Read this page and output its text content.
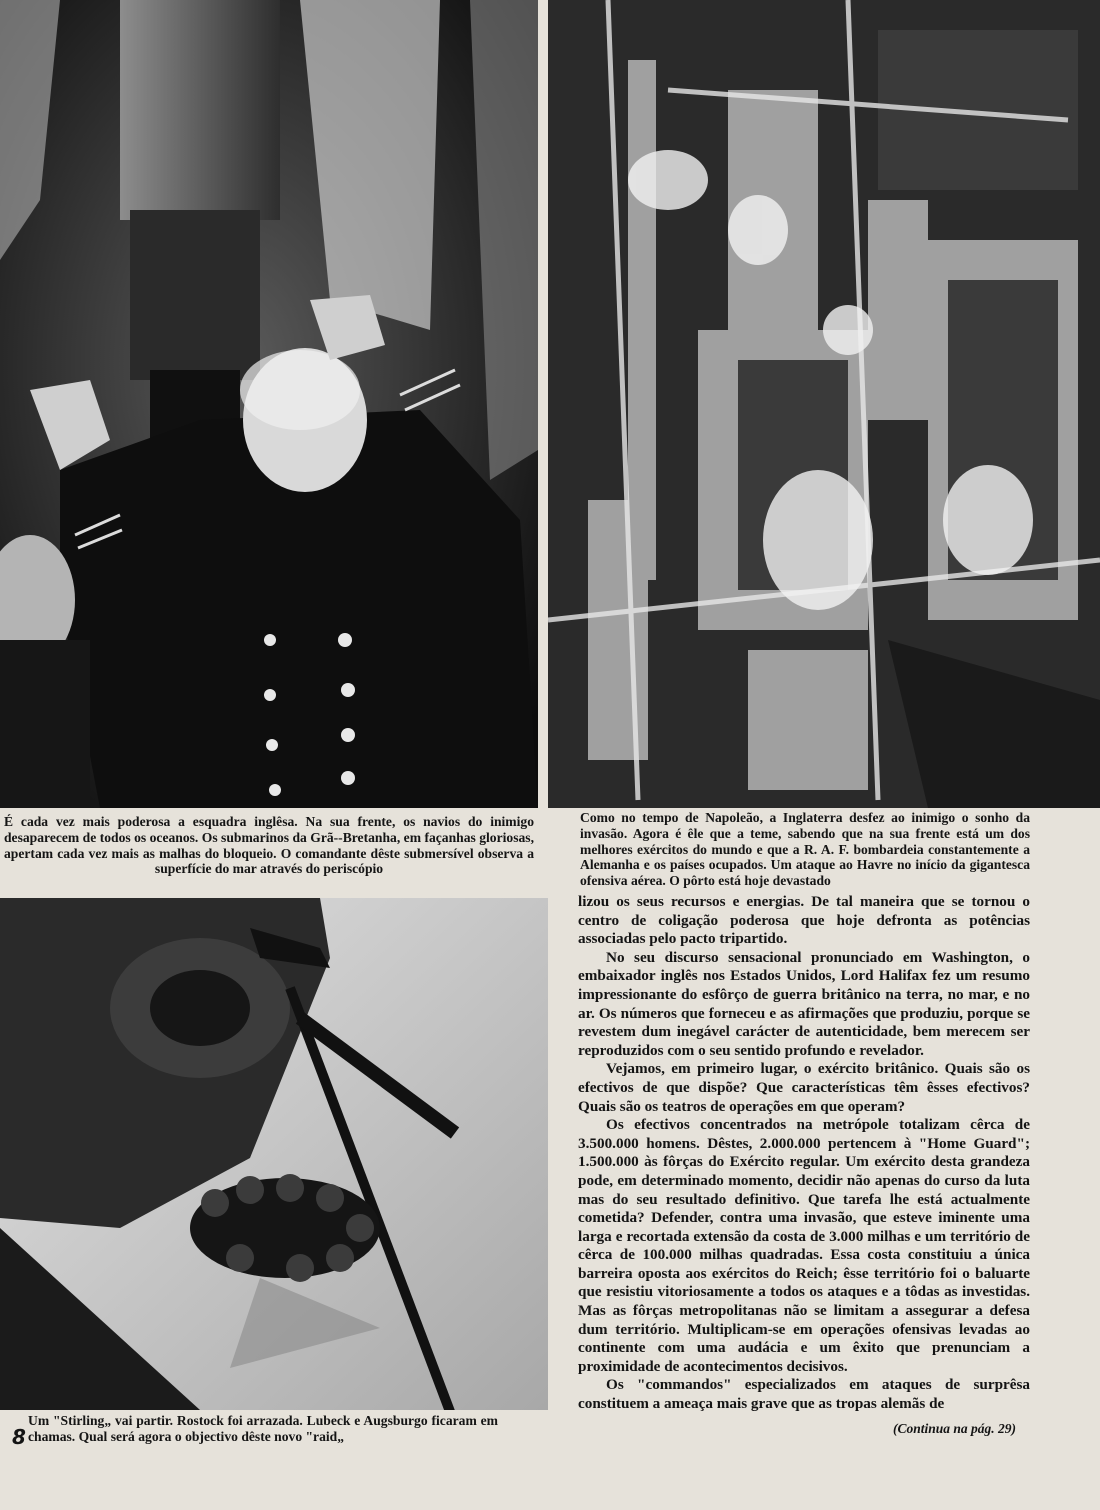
É cada vez mais poderosa a esquadra inglêsa. Na sua frente, os navios do inimigo desaparecem de todos os oceanos. Os submarinos da Grã--Bretanha, em façanhas gloriosas, apertam cada vez mais as malhas do bloqueio. O comandante dêste submersível observa a superfície do mar através do periscópio

Como no tempo de Napoleão, a Inglaterra desfez ao inimigo o sonho da invasão. Agora é êle que a teme, sabendo que na sua frente está um dos melhores exércitos do mundo e que a R. A. F. bombardeia constantemente a Alemanha e os países ocupados. Um ataque ao Havre no início da gigantesca ofensiva aérea. O pôrto está hoje devastado

Um "Stirling„ vai partir. Rostock foi arrazada. Lubeck e Augsburgo ficaram em chamas. Qual será agora o objectivo dêste novo "raid„

lizou os seus recursos e energias. De tal maneira que se tornou o centro de coligação poderosa que hoje defronta as potências associadas pelo pacto tripartido.

No seu discurso sensacional pronunciado em Washington, o embaixador inglês nos Estados Unidos, Lord Halifax fez um resumo impressionante do esfôrço de guerra britânico na terra, no mar, e no ar. Os números que forneceu e as afirmações que produziu, porque se revestem dum inegável carácter de autenticidade, bem merecem ser reproduzidos com o seu sentido profundo e revelador.

Vejamos, em primeiro lugar, o exército britânico. Quais são os efectivos de que dispõe? Que características têm êsses efectivos? Quais são os teatros de operações em que operam?

Os efectivos concentrados na metrópole totalizam cêrca de 3.500.000 homens. Dêstes, 2.000.000 pertencem à "Home Guard"; 1.500.000 às fôrças do Exército regular. Um exército desta grandeza pode, em determinado momento, decidir não apenas do curso da luta mas do seu resultado definitivo. Que tarefa lhe está actualmente cometida? Defender, contra uma invasão, que esteve iminente uma larga e recortada extensão da costa de 3.000 milhas e um território de cêrca de 100.000 milhas quadradas. Essa costa constituiu a única barreira oposta aos exércitos do Reich; êsse território foi o baluarte que resistiu vitoriosamente a todos os ataques e a tôdas as investidas. Mas as fôrças metropolitanas não se limitam a assegurar a defesa dum território. Multiplicam-se em operações ofensivas levadas ao continente com uma audácia e um êxito que prenunciam a proximidade de acontecimentos decisivos.

Os "commandos" especializados em ataques de surprêsa constituem a ameaça mais grave que as tropas alemãs de

(Continua na pág. 29)
8
